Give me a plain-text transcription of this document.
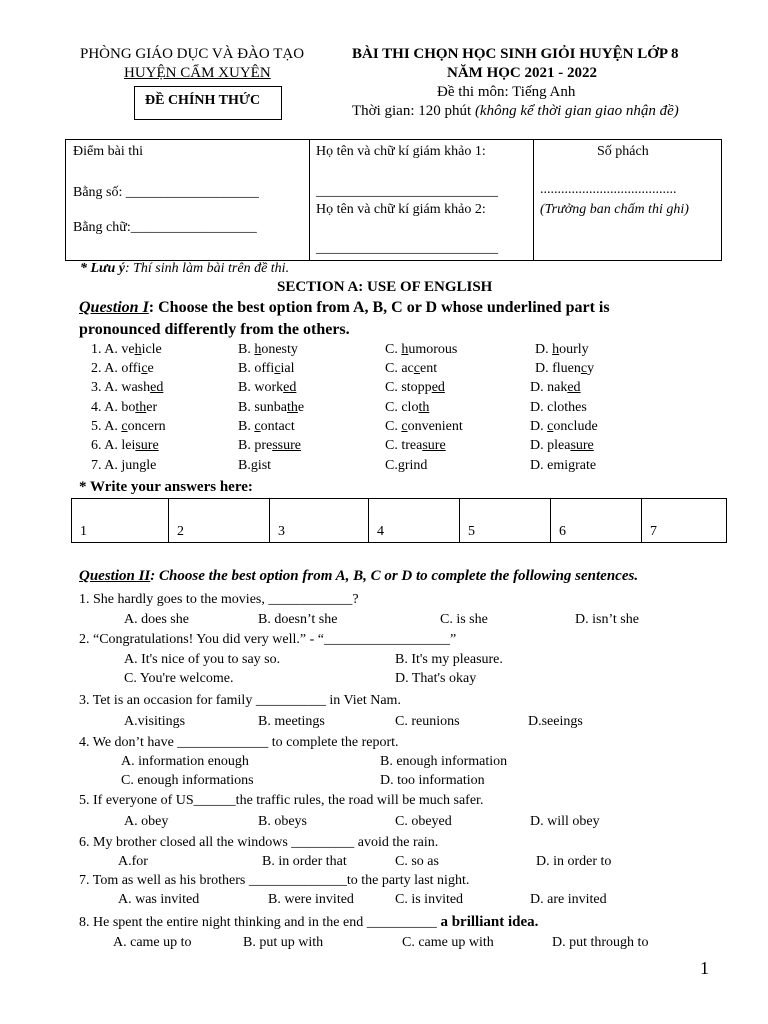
PHÒNG GIÁO DỤC VÀ ĐÀO TẠO
HUYỆN CẨM XUYÊN
ĐỀ CHÍNH THỨC
BÀI THI CHỌN HỌC SINH GIỎI HUYỆN LỚP 8
NĂM HỌC 2021 - 2022
Đề thi môn: Tiếng Anh
Thời gian: 120 phút (không kể thời gian giao nhận đề)
Điểm bài thi
Bằng số: ___________________
Bằng chữ:__________________

Họ tên và chữ kí giám khảo 1:
__________________________
Họ tên và chữ kí giám khảo 2:
__________________________

Số phách
.......................................
(Trưởng ban chấm thi ghi)
* Lưu ý: Thí sinh làm bài trên đề thi.
SECTION A: USE OF ENGLISH
Question I: Choose the best option from A, B, C or D whose underlined part is
pronounced differently from the others.
1. A. vehicle	B. honesty	C. humorous	D. hourly
2. A. office	B. official	C. accent	D. fluency
3. A. washed	B. worked	C. stopped	D. naked
4. A. bother	B. sunbathe	C. cloth	D. clothes
5. A. concern	B. contact	C. convenient	D. conclude
6. A. leisure	B. pressure	C. treasure	D. pleasure
7. A. jungle	B.gist	C.grind	D. emigrate
* Write your answers here:
1	2	3	4	5	6	7
Question II: Choose the best option from A, B, C or D to complete the following sentences.
1. She hardly goes to the movies, ____________?
A. does she	B. doesn’t she	C. is she	D. isn’t she
2. “Congratulations! You did very well.” - “__________________”
A. It's nice of you to say so.	B. It's my pleasure.
C. You're welcome.	D. That's okay
3. Tet is an occasion for family __________ in Viet Nam.
A.visitings	B. meetings	C. reunions	D.seeings
4. We don’t have _____________ to complete the report.
A. information enough	B. enough information
C. enough informations	D. too information
5. If everyone of US______the traffic rules, the road will be much safer.
A. obey	B. obeys	C. obeyed	D. will obey
6. My brother closed all the windows _________ avoid the rain.
A.for	B. in order that	C. so as	D. in order to
7. Tom as well as his brothers ______________to the party last night.
A. was invited	B. were invited	C. is invited	D. are invited
8. He spent the entire night thinking and in the end __________ a brilliant idea.
A. came up to	B. put up with	C. came up with	D. put through to
1
